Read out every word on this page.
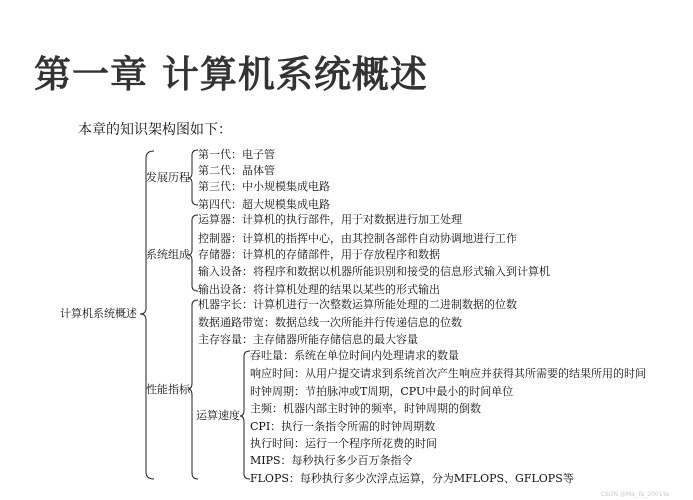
第一章 计算机系统概述
本章的知识架构图如下：
计算机系统概述
发展历程
系统组成
性能指标
运算速度
第一代：电子管
第二代：晶体管
第三代：中小规模集成电路
第四代：超大规模集成电路
运算器：计算机的执行部件，用于对数据进行加工处理
控制器：计算机的指挥中心，由其控制各部件自动协调地进行工作
存储器：计算机的存储部件，用于存放程序和数据
输入设备：将程序和数据以机器所能识别和接受的信息形式输入到计算机
输出设备：将计算机处理的结果以某些的形式输出
机器字长：计算机进行一次整数运算所能处理的二进制数据的位数
数据通路带宽：数据总线一次所能并行传递信息的位数
主存容量：主存储器所能存储信息的最大容量
吞吐量：系统在单位时间内处理请求的数量
响应时间：从用户提交请求到系统首次产生响应并获得其所需要的结果所用的时间
时钟周期：节拍脉冲或T周期，CPU中最小的时间单位
主频：机器内部主时钟的频率，时钟周期的倒数
CPI：执行一条指令所需的时钟周期数
执行时间：运行一个程序所花费的时间
MIPS：每秒执行多少百万条指令
FLOPS：每秒执行多少次浮点运算，分为MFLOPS、GFLOPS等
CSDN @Ma_Ya_2001Ya
